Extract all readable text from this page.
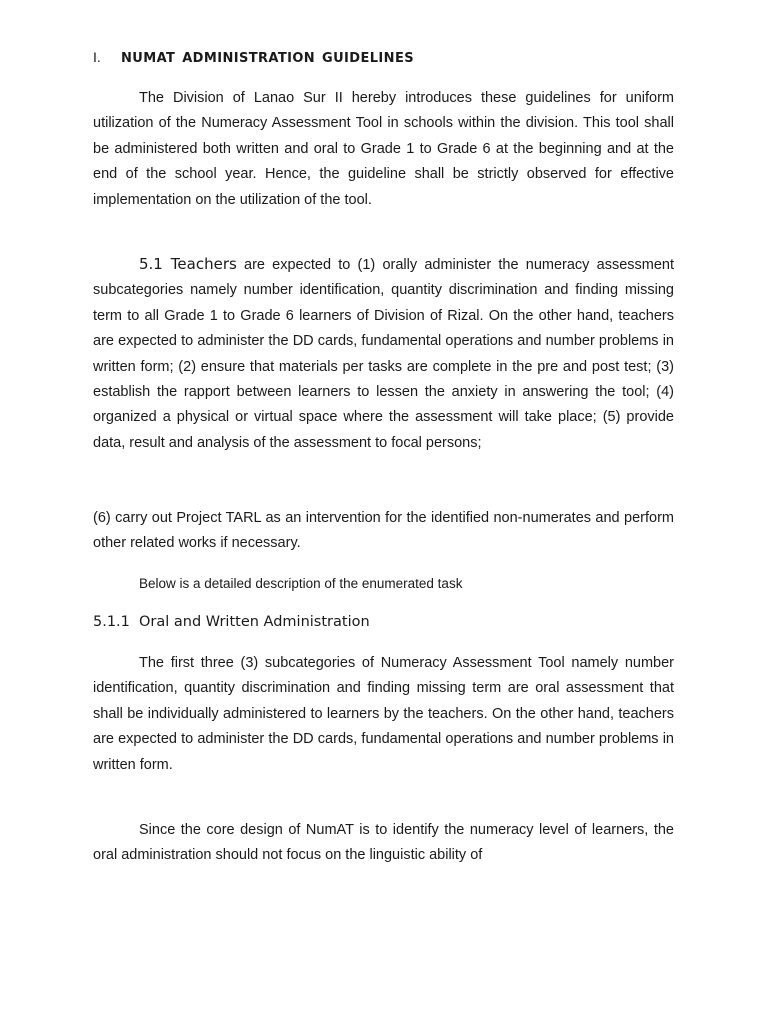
I. NUMAT ADMINISTRATION GUIDELINES

The Division of Lanao Sur II hereby introduces these guidelines for uniform utilization of the Numeracy Assessment Tool in schools within the division. This tool shall be administered both written and oral to Grade 1 to Grade 6 at the beginning and at the end of the school year. Hence, the guideline shall be strictly observed for effective implementation on the utilization of the tool.

5.1 Teachers are expected to (1) orally administer the numeracy assessment subcategories namely number identification, quantity discrimination and finding missing term to all Grade 1 to Grade 6 learners of Division of Rizal. On the other hand, teachers are expected to administer the DD cards, fundamental operations and number problems in written form; (2) ensure that materials per tasks are complete in the pre and post test; (3) establish the rapport between learners to lessen the anxiety in answering the tool; (4) organized a physical or virtual space where the assessment will take place; (5) provide data, result and analysis of the assessment to focal persons;

(6) carry out Project TARL as an intervention for the identified non-numerates and perform other related works if necessary.

Below is a detailed description of the enumerated task
5.1.1 Oral and Written Administration

The first three (3) subcategories of Numeracy Assessment Tool namely number identification, quantity discrimination and finding missing term are oral assessment that shall be individually administered to learners by the teachers. On the other hand, teachers are expected to administer the DD cards, fundamental operations and number problems in written form.

Since the core design of NumAT is to identify the numeracy level of learners, the oral administration should not focus on the linguistic ability of
